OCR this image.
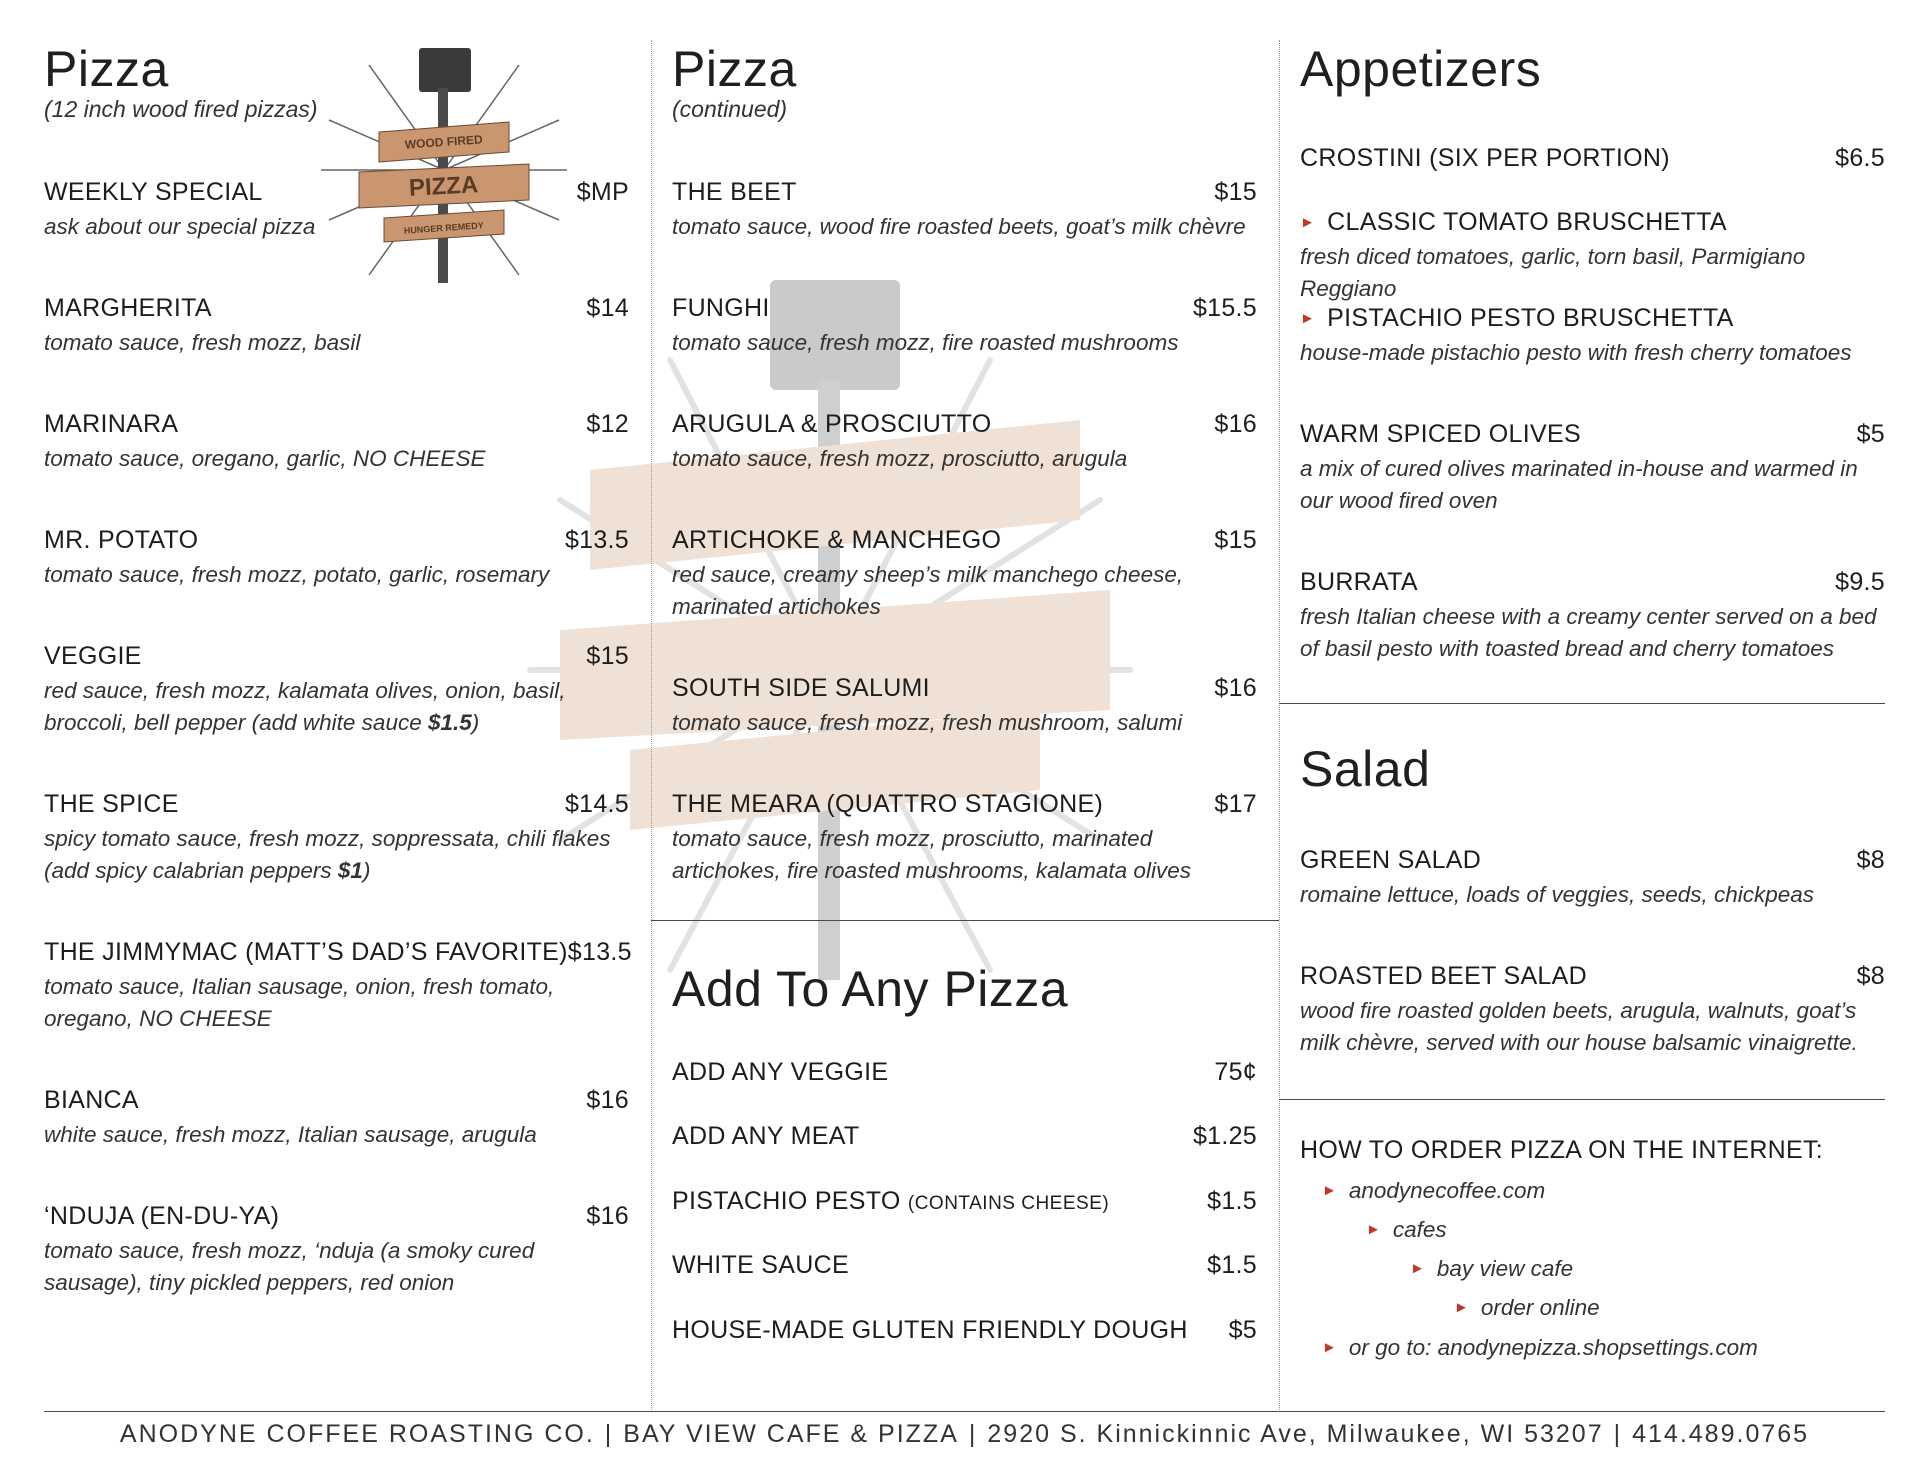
Pizza
(12 inch wood fired pizzas)
WOOD FIRED
PIZZA
HUNGER REMEDY
WEEKLY SPECIAL	$MP
ask about our special pizza
MARGHERITA	$14
tomato sauce, fresh mozz, basil
MARINARA	$12
tomato sauce, oregano, garlic, NO CHEESE
MR. POTATO	$13.5
tomato sauce, fresh mozz, potato, garlic, rosemary
VEGGIE	$15
red sauce, fresh mozz, kalamata olives, onion, basil, broccoli, bell pepper (add white sauce $1.5)
THE SPICE	$14.5
spicy tomato sauce, fresh mozz, soppressata, chili flakes (add spicy calabrian peppers $1)
THE JIMMYMAC (MATT’S DAD’S FAVORITE) $13.5
tomato sauce, Italian sausage, onion, fresh tomato, oregano, NO CHEESE
BIANCA	$16
white sauce, fresh mozz, Italian sausage, arugula
‘NDUJA (EN-DU-YA)	$16
tomato sauce, fresh mozz, ‘nduja (a smoky cured sausage), tiny pickled peppers, red onion
Pizza
(continued)
THE BEET	$15
tomato sauce, wood fire roasted beets, goat’s milk chèvre
FUNGHI	$15.5
tomato sauce, fresh mozz, fire roasted mushrooms
ARUGULA & PROSCIUTTO	$16
tomato sauce, fresh mozz, prosciutto, arugula
ARTICHOKE & MANCHEGO	$15
red sauce, creamy sheep’s milk manchego cheese, marinated artichokes
SOUTH SIDE SALUMI	$16
tomato sauce, fresh mozz, fresh mushroom, salumi
THE MEARA (QUATTRO STAGIONE)	$17
tomato sauce, fresh mozz, prosciutto, marinated artichokes, fire roasted mushrooms, kalamata olives
Add To Any Pizza
ADD ANY VEGGIE	75¢
ADD ANY MEAT	$1.25
PISTACHIO PESTO (CONTAINS CHEESE)	$1.5
WHITE SAUCE	$1.5
HOUSE-MADE GLUTEN FRIENDLY DOUGH $5
Appetizers
CROSTINI (SIX PER PORTION)	$6.5
► CLASSIC TOMATO BRUSCHETTA
fresh diced tomatoes, garlic, torn basil, Parmigiano Reggiano
► PISTACHIO PESTO BRUSCHETTA
house-made pistachio pesto with fresh cherry tomatoes
WARM SPICED OLIVES	$5
a mix of cured olives marinated in-house and warmed in our wood fired oven
BURRATA	$9.5
fresh Italian cheese with a creamy center served on a bed of basil pesto with toasted bread and cherry tomatoes
Salad
GREEN SALAD	$8
romaine lettuce, loads of veggies, seeds, chickpeas
ROASTED BEET SALAD	$8
wood fire roasted golden beets, arugula, walnuts, goat’s milk chèvre, served with our house balsamic vinaigrette.
HOW TO ORDER PIZZA ON THE INTERNET:
► anodynecoffee.com
► cafes
► bay view cafe
► order online
► or go to: anodynepizza.shopsettings.com
ANODYNE COFFEE ROASTING CO. | BAY VIEW CAFE & PIZZA | 2920 S. Kinnickinnic Ave, Milwaukee, WI 53207 | 414.489.0765
